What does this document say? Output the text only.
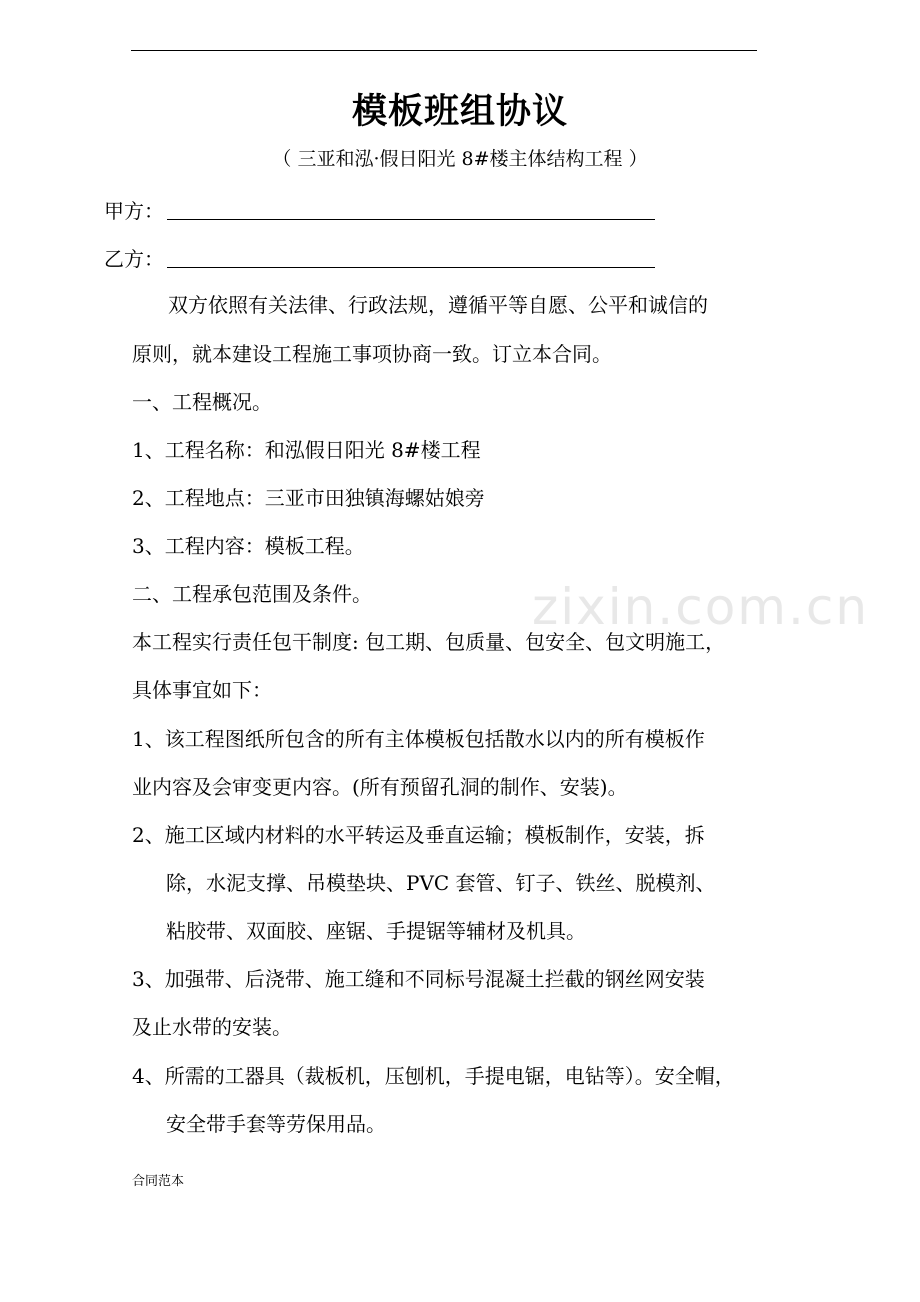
zixin.com.cn
模板班组协议
（ 三亚和泓·假日阳光 8#楼主体结构工程 ）
甲方：
乙方：
双方依照有关法律、行政法规，遵循平等自愿、公平和诚信的
原则，就本建设工程施工事项协商一致。订立本合同。
一、工程概况。
1、工程名称：和泓假日阳光 8#楼工程
2、工程地点：三亚市田独镇海螺姑娘旁
3、工程内容：模板工程。
二、工程承包范围及条件。
本工程实行责任包干制度: 包工期、包质量、包安全、包文明施工，
具体事宜如下：
1、该工程图纸所包含的所有主体模板包括散水以内的所有模板作
业内容及会审变更内容。(所有预留孔洞的制作、安装)。
2、施工区域内材料的水平转运及垂直运输；模板制作，安装，拆
除，水泥支撑、吊模垫块、PVC 套管、钉子、铁丝、脱模剂、
粘胶带、双面胶、座锯、手提锯等辅材及机具。
3、加强带、后浇带、施工缝和不同标号混凝土拦截的钢丝网安装
及止水带的安装。
4、所需的工器具（裁板机，压刨机，手提电锯，电钻等）。安全帽，
安全带手套等劳保用品。
合同范本
